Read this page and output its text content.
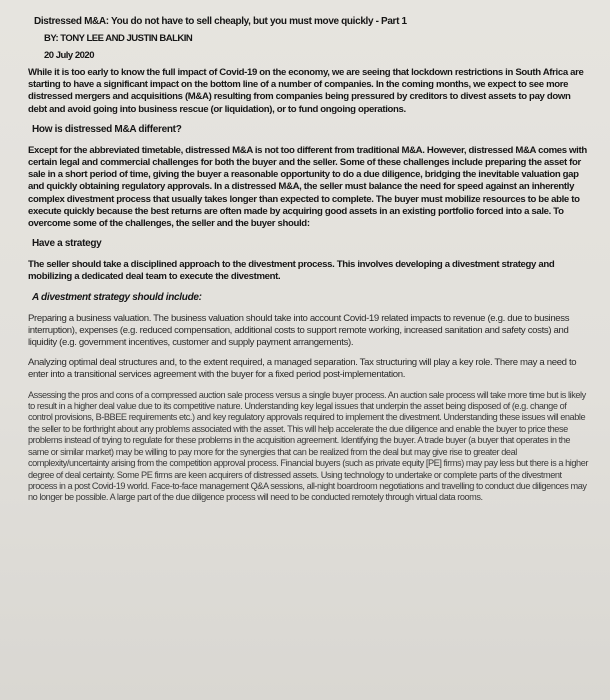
Distressed M&A: You do not have to sell cheaply, but you must move quickly - Part 1
BY: TONY LEE AND JUSTIN BALKIN
20 July 2020

While it is too early to know the full impact of Covid-19 on the economy, we are seeing that lockdown restrictions in South Africa are starting to have a significant impact on the bottom line of a number of companies. In the coming months, we expect to see more distressed mergers and acquisitions (M&A) resulting from companies being pressured by creditors to divest assets to pay down debt and avoid going into business rescue (or liquidation), or to fund ongoing operations.

How is distressed M&A different?

Except for the abbreviated timetable, distressed M&A is not too different from traditional M&A. However, distressed M&A comes with certain legal and commercial challenges for both the buyer and the seller. Some of these challenges include preparing the asset for sale in a short period of time, giving the buyer a reasonable opportunity to do a due diligence, bridging the inevitable valuation gap and quickly obtaining regulatory approvals. In a distressed M&A, the seller must balance the need for speed against an inherently complex divestment process that usually takes longer than expected to complete. The buyer must mobilize resources to be able to execute quickly because the best returns are often made by acquiring good assets in an existing portfolio forced into a sale. To overcome some of the challenges, the seller and the buyer should:

Have a strategy

The seller should take a disciplined approach to the divestment process. This involves developing a divestment strategy and mobilizing a dedicated deal team to execute the divestment.

A divestment strategy should include:

Preparing a business valuation. The business valuation should take into account Covid-19 related impacts to revenue (e.g. due to business interruption), expenses (e.g. reduced compensation, additional costs to support remote working, increased sanitation and safety costs) and liquidity (e.g. government incentives, customer and supply payment arrangements).

Analyzing optimal deal structures and, to the extent required, a managed separation. Tax structuring will play a key role. There may a need to enter into a transitional services agreement with the buyer for a fixed period post-implementation.

Assessing the pros and cons of a compressed auction sale process versus a single buyer process. An auction sale process will take more time but is likely to result in a higher deal value due to its competitive nature. Understanding key legal issues that underpin the asset being disposed of (e.g. change of control provisions, B-BBEE requirements etc.) and key regulatory approvals required to implement the divestment. Understanding these issues will enable the seller to be forthright about any problems associated with the asset. This will help accelerate the due diligence and enable the buyer to price these problems instead of trying to regulate for these problems in the acquisition agreement. Identifying the buyer. A trade buyer (a buyer that operates in the same or similar market) may be willing to pay more for the synergies that can be realized from the deal but may give rise to greater deal complexity/uncertainty arising from the competition approval process. Financial buyers (such as private equity [PE] firms) may pay less but there is a higher degree of deal certainty. Some PE firms are keen acquirers of distressed assets. Using technology to undertake or complete parts of the divestment process in a post Covid-19 world. Face-to-face management Q&A sessions, all-night boardroom negotiations and travelling to conduct due diligences may no longer be possible. A large part of the due diligence process will need to be conducted remotely through virtual data rooms.
